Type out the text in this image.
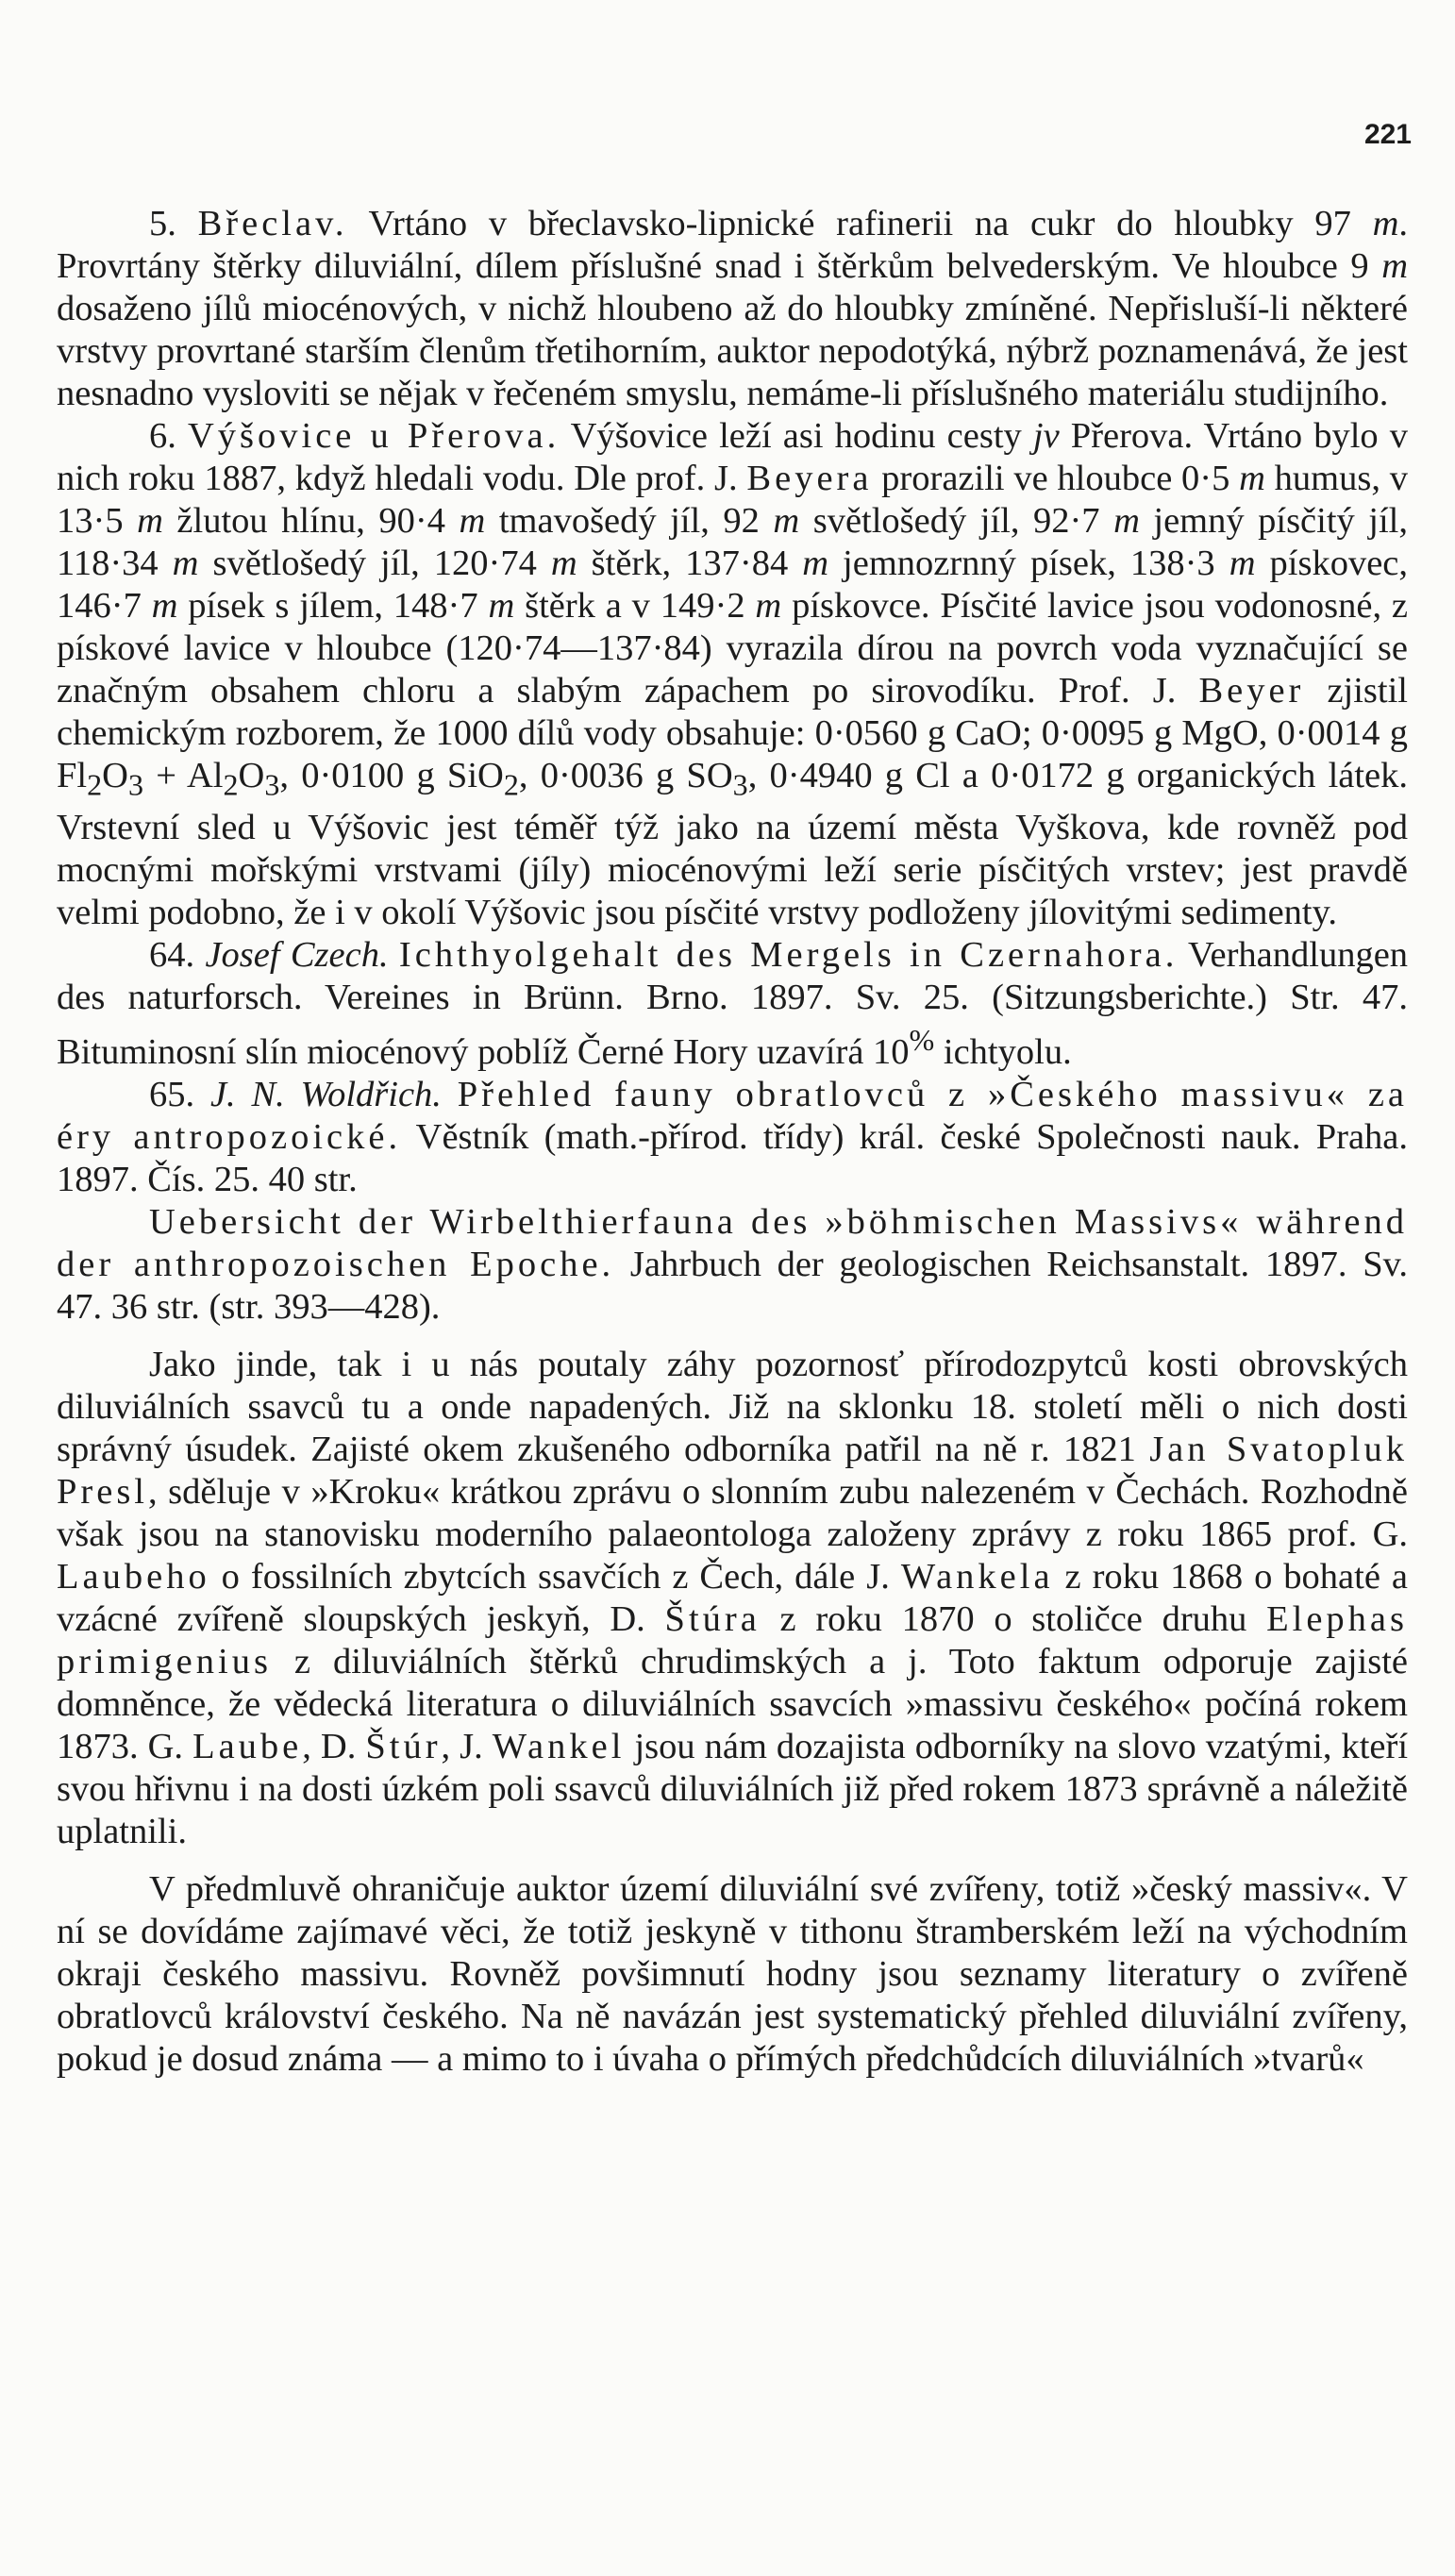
221

5. Břeclav. Vrtáno v břeclavsko-lipnické rafinerii na cukr do hloubky 97 m. Provrtány štěrky diluviální, dílem příslušné snad i štěrkům belvederským. Ve hloubce 9 m dosaženo jílů miocénových, v nichž hloubeno až do hloubky zmíněné. Nepřisluší-li některé vrstvy provrtané starším členům třetihorním, auktor nepodotýká, nýbrž poznamenává, že jest nesnadno vysloviti se nějak v řečeném smyslu, nemáme-li příslušného materiálu studijního.

6. Výšovice u Přerova. Výšovice leží asi hodinu cesty jv Přerova. Vrtáno bylo v nich roku 1887, když hledali vodu. Dle prof. J. Beyera prorazili ve hloubce 0·5 m humus, v 13·5 m žlutou hlínu, 90·4 m tmavošedý jíl, 92 m světlošedý jíl, 92·7 m jemný písčitý jíl, 118·34 m světlošedý jíl, 120·74 m štěrk, 137·84 m jemnozrnný písek, 138·3 m pískovec, 146·7 m písek s jílem, 148·7 m štěrk a v 149·2 m pískovce. Písčité lavice jsou vodonosné, z pískové lavice v hloubce (120·74—137·84) vyrazila dírou na povrch voda vyznačující se značným obsahem chloru a slabým zápachem po sirovodíku. Prof. J. Beyer zjistil chemickým rozborem, že 1000 dílů vody obsahuje: 0·0560 g CaO; 0·0095 g MgO, 0·0014 g $Fl_2O_3 + Al_2O_3$, 0·0100 g SiO$_2$, 0·0036 g $SO_3$, 0·4940 g Cl a 0·0172 g organických látek. Vrstevní sled u Výšovic jest téměř týž jako na území města Vyškova, kde rovněž pod mocnými mořskými vrstvami (jíly) miocénovými leží serie písčitých vrstev; jest pravdě velmi podobno, že i v okolí Výšovic jsou písčité vrstvy podloženy jílovitými sedimenty.

64. Josef Czech. Ichthyolgehalt des Mergels in Czernahora. Verhandlungen des naturforsch. Vereines in Brünn. Brno. 1897. Sv. 25. (Sitzungsberichte.) Str. 47. Bituminosní slín miocénový poblíž Černé Hory uzavírá 10% ichtyolu.

65. J. N. Woldřich. Přehled fauny obratlovců z »Českého massivu« za éry antropozoické. Věstník (math.-přírod. třídy) král. české Společnosti nauk. Praha. 1897. Čís. 25. 40 str.

Uebersicht der Wirbelthierfauna des »böhmischen Massivs« während der anthropozoischen Epoche. Jahrbuch der geologischen Reichsanstalt. 1897. Sv. 47. 36 str. (str. 393—428).

Jako jinde, tak i u nás poutaly záhy pozornosť přírodozpytců kosti obrovských diluviálních ssavců tu a onde napadených. Již na sklonku 18. století měli o nich dosti správný úsudek. Zajisté okem zkušeného odborníka patřil na ně r. 1821 Jan Svatopluk Presl, sděluje v »Kroku« krátkou zprávu o slonním zubu nalezeném v Čechách. Rozhodně však jsou na stanovisku moderního palaeontologa založeny zprávy z roku 1865 prof. G. Laubeho o fossilních zbytcích ssavčích z Čech, dále J. Wankela z roku 1868 o bohaté a vzácné zvířeně sloupských jeskyň, D. Štúra z roku 1870 o stoličce druhu Elephas primigenius z diluviálních štěrků chrudimských a j. Toto faktum odporuje zajisté domněnce, že vědecká literatura o diluviálních ssavcích »massivu českého« počíná rokem 1873. G. Laube, D. Štúr, J. Wankel jsou nám dozajista odborníky na slovo vzatými, kteří svou hřivnu i na dosti úzkém poli ssavců diluviálních již před rokem 1873 správně a náležitě uplatnili.

V předmluvě ohraničuje auktor území diluviální své zvířeny, totiž »český massiv«. V ní se dovídáme zajímavé věci, že totiž jeskyně v tithonu štramberském leží na východním okraji českého massivu. Rovněž povšimnutí hodny jsou seznamy literatury o zvířeně obratlovců království českého. Na ně navázán jest systematický přehled diluviální zvířeny, pokud je dosud známa — a mimo to i úvaha o přímých předchůdcích diluviálních »tvarů«
